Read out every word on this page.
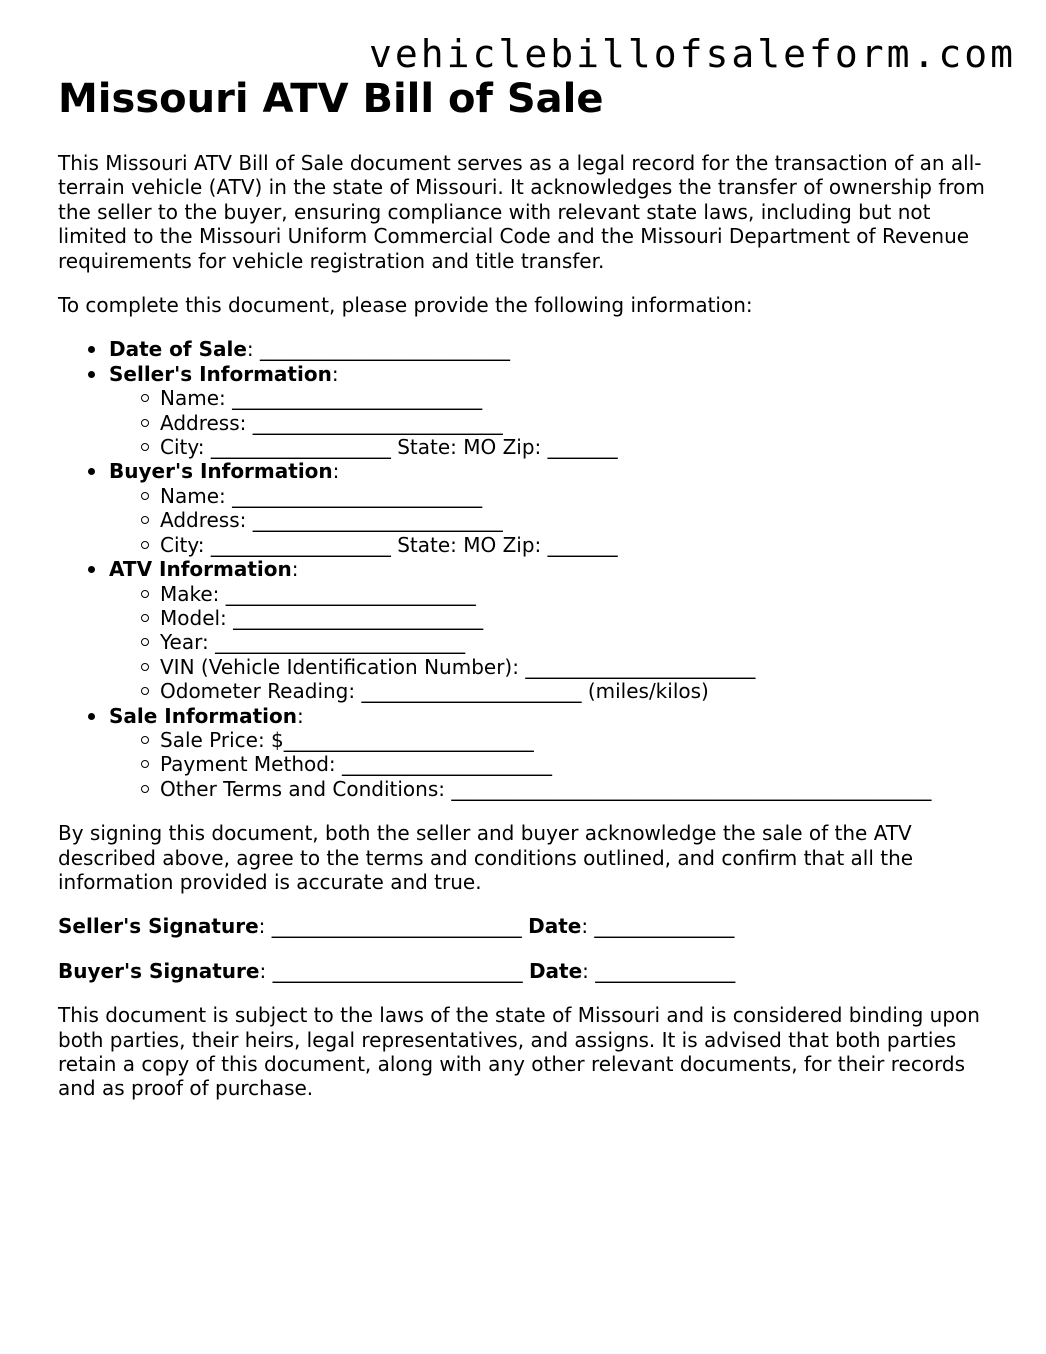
vehiclebillofsaleform.com
Missouri ATV Bill of Sale

This Missouri ATV Bill of Sale document serves as a legal record for the transaction of an all-terrain vehicle (ATV) in the state of Missouri. It acknowledges the transfer of ownership from the seller to the buyer, ensuring compliance with relevant state laws, including but not limited to the Missouri Uniform Commercial Code and the Missouri Department of Revenue requirements for vehicle registration and title transfer.

To complete this document, please provide the following information:

Date of Sale: _________________________
Seller's Information:
Name: _________________________
Address: _________________________
City: __________________ State: MO Zip: _______
Buyer's Information:
Name: _________________________
Address: _________________________
City: __________________ State: MO Zip: _______
ATV Information:
Make: _________________________
Model: _________________________
Year: _________________________
VIN (Vehicle Identification Number): _______________________
Odometer Reading: ______________________ (miles/kilos)
Sale Information:
Sale Price: $_________________________
Payment Method: _____________________
Other Terms and Conditions: ________________________________________________

By signing this document, both the seller and buyer acknowledge the sale of the ATV described above, agree to the terms and conditions outlined, and confirm that all the information provided is accurate and true.

Seller's Signature: _________________________ Date: ______________

Buyer's Signature: _________________________ Date: ______________

This document is subject to the laws of the state of Missouri and is considered binding upon both parties, their heirs, legal representatives, and assigns. It is advised that both parties retain a copy of this document, along with any other relevant documents, for their records and as proof of purchase.
